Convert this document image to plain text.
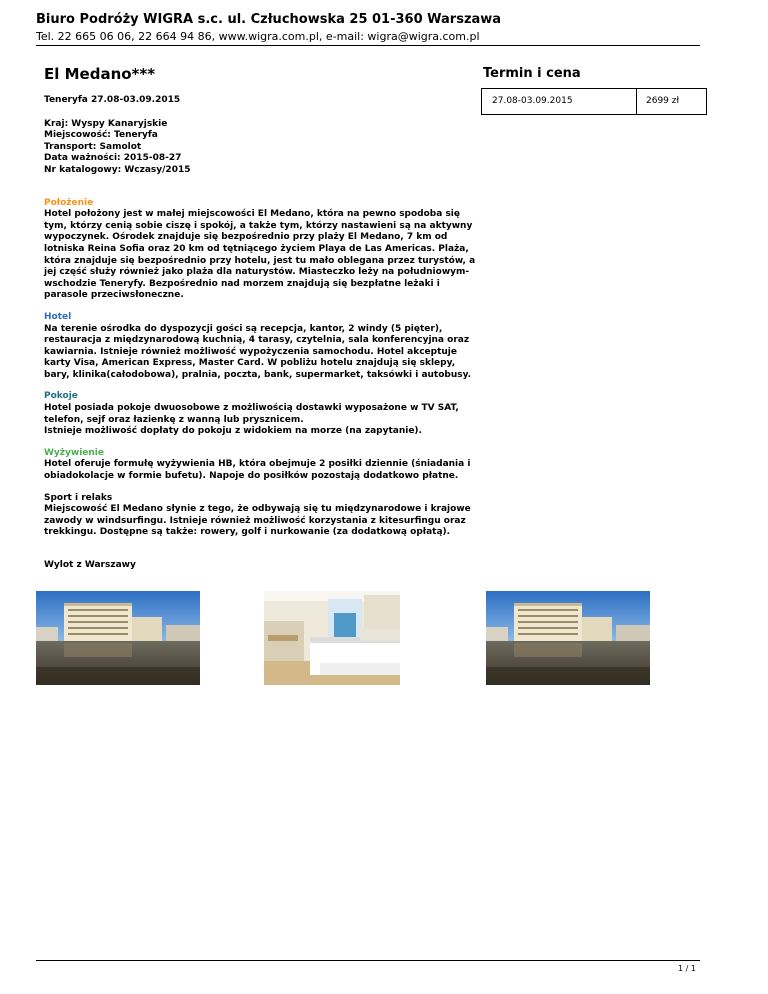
Biuro Podróży WIGRA s.c. ul. Człuchowska 25 01-360 Warszawa
Tel. 22 665 06 06, 22 664 94 86, www.wigra.com.pl, e-mail: wigra@wigra.com.pl
El Medano***
Teneryfa 27.08-03.09.2015
Kraj: Wyspy Kanaryjskie
Miejscowość: Teneryfa
Transport: Samolot
Data ważności: 2015-08-27
Nr katalogowy: Wczasy/2015
Położenie
Hotel położony jest w małej miejscowości El Medano, która na pewno spodoba się tym, którzy cenią sobie ciszę i spokój, a także tym, którzy nastawieni są na aktywny wypoczynek. Ośrodek znajduje się bezpośrednio przy plaży El Medano, 7 km od lotniska Reina Sofia oraz 20 km od tętniącego życiem Playa de Las Americas. Plaża, która znajduje się bezpośrednio przy hotelu, jest tu mało oblegana przez turystów, a jej część służy również jako plaża dla naturystów. Miasteczko leży na południowym-wschodzie Teneryfy. Bezpośrednio nad morzem znajdują się bezpłatne leżaki i parasole przeciwsłoneczne.
Hotel
Na terenie ośrodka do dyspozycji gości są recepcja, kantor, 2 windy (5 pięter), restauracja z międzynarodową kuchnią, 4 tarasy, czytelnia, sala konferencyjna oraz kawiarnia. Istnieje również możliwość wypożyczenia samochodu. Hotel akceptuje karty Visa, American Express, Master Card. W pobliżu hotelu znajdują się sklepy, bary, klinika(całodobowa), pralnia, poczta, bank, supermarket, taksówki i autobusy.
Pokoje
Hotel posiada pokoje dwuosobowe z możliwością dostawki wyposażone w TV SAT, telefon, sejf oraz łazienkę z wanną lub prysznicem.
Istnieje możliwość dopłaty do pokoju z widokiem na morze (na zapytanie).
Wyżywienie
Hotel oferuje formułę wyżywienia HB, która obejmuje 2 posiłki dziennie (śniadania i obiadokolacje w formie bufetu). Napoje do posiłków pozostają dodatkowo płatne.
Sport i relaks
Miejscowość El Medano słynie z tego, że odbywają się tu międzynarodowe i krajowe zawody w windsurfingu. Istnieje również możliwość korzystania z kitesurfingu oraz trekkingu. Dostępne są także: rowery, golf i nurkowanie (za dodatkową opłatą).
Wylot z Warszawy
Termin i cena
27.08-03.09.2015	2699 zł
1 / 1
